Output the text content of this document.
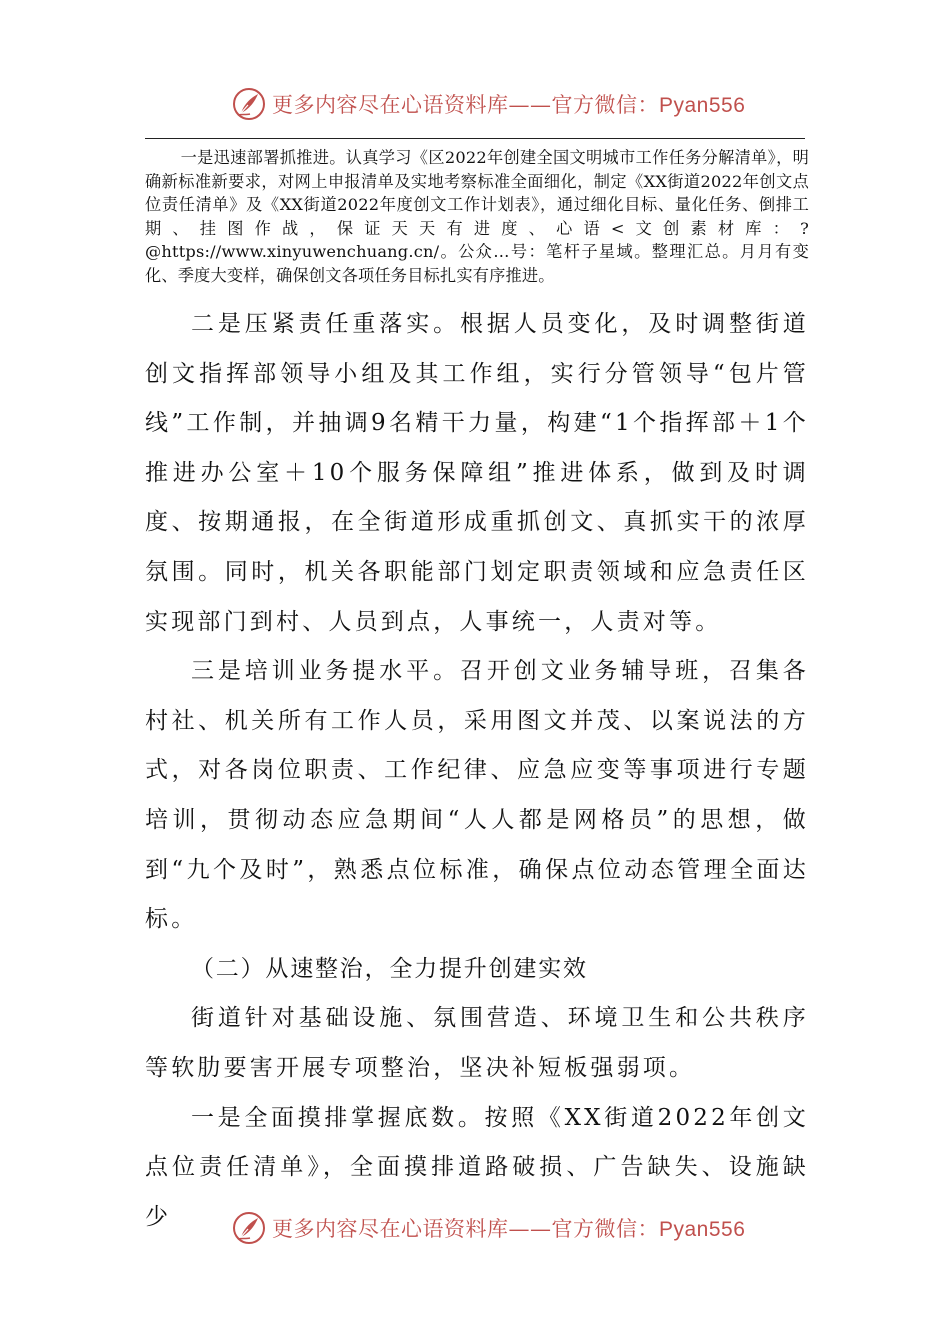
更多内容尽在心语资料库——官方微信：Pyan556

一是迅速部署抓推进。认真学习《区2022年创建全国文明城市工作任务分解清单》，明确新标准新要求，对网上申报清单及实地考察标准全面细化，制定《XX街道2022年创文点位责任清单》及《XX街道2022年度创文工作计划表》，通过细化目标、量化任务、倒排工期、挂图作战，保证天天有进度、心语<文创素材库：?@https://www.xinyuwenchuang.cn/。公众…号：笔杆子星域。整理汇总。月月有变化、季度大变样，确保创文各项任务目标扎实有序推进。

二是压紧责任重落实。根据人员变化，及时调整街道创文指挥部领导小组及其工作组，实行分管领导“包片管线”工作制，并抽调9名精干力量，构建“1个指挥部＋1个推进办公室＋10个服务保障组”推进体系，做到及时调度、按期通报，在全街道形成重抓创文、真抓实干的浓厚氛围。同时，机关各职能部门划定职责领域和应急责任区实现部门到村、人员到点，人事统一，人责对等。

三是培训业务提水平。召开创文业务辅导班，召集各村社、机关所有工作人员，采用图文并茂、以案说法的方式，对各岗位职责、工作纪律、应急应变等事项进行专题培训，贯彻动态应急期间“人人都是网格员”的思想，做到“九个及时”，熟悉点位标准，确保点位动态管理全面达标。

（二）从速整治，全力提升创建实效

街道针对基础设施、氛围营造、环境卫生和公共秩序等软肋要害开展专项整治，坚决补短板强弱项。

一是全面摸排掌握底数。按照《XX街道2022年创文点位责任清单》，全面摸排道路破损、广告缺失、设施缺少	更多内容尽在心语资料库——官方微信：Pyan556
